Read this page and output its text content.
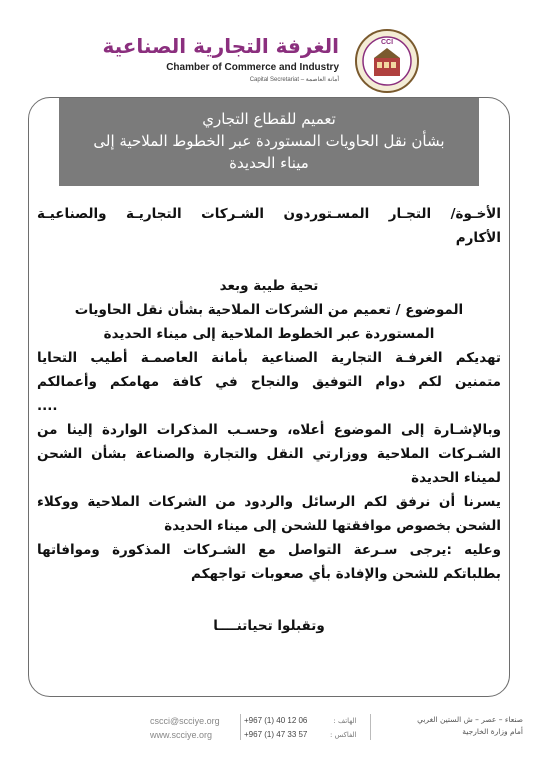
الغرفة التجارية الصناعية
Chamber of Commerce and Industry
Capital Secretariat – أمانة العاصمة
CCI
تعميم للقطاع التجاري
بشأن نقل الحاويات المستوردة عبر الخطوط الملاحية إلى
ميناء الحديدة
الأخـوة/ التجـار المسـتوردون الشـركات التجاريـة والصناعيـة
الأكارم
تحية طيبة وبعد
الموضوع / تعميم من الشركات الملاحية بشأن نقل الحاويات
المستوردة عبر الخطوط الملاحية إلى ميناء الحديدة
تهديكم الغرفـة التجارية الصناعية بأمانة العاصمـة أطيب التحايا
متمنين لكم دوام التوفيق والنجاح في كافة مهامكم وأعمالكم
....
وبالإشـارة إلى الموضوع أعلاه، وحسـب المذكرات الواردة إلينا من
الشـركات الملاحية ووزارتي النقل والتجارة والصناعة بشأن الشحن
لميناء الحديدة
يسرنا أن نرفق لكم الرسائل والردود من الشركات الملاحية ووكلاء
الشحن بخصوص موافقتها للشحن إلى ميناء الحديدة
وعليه :يرجى سـرعة التواصل مع الشـركات المذكورة وموافاتها
بطلباتكم للشحن والإفادة بأي صعوبات تواجهكم
وتقبلوا تحياتنــــا
صنعاء – عصر – ش الستين الغربي
أمام وزارة الخارجية
الهاتف :
الفاكس :
+967 (1) 40 12 06
+967 (1) 47 33 57
cscci@scciye.org
www.scciye.org
